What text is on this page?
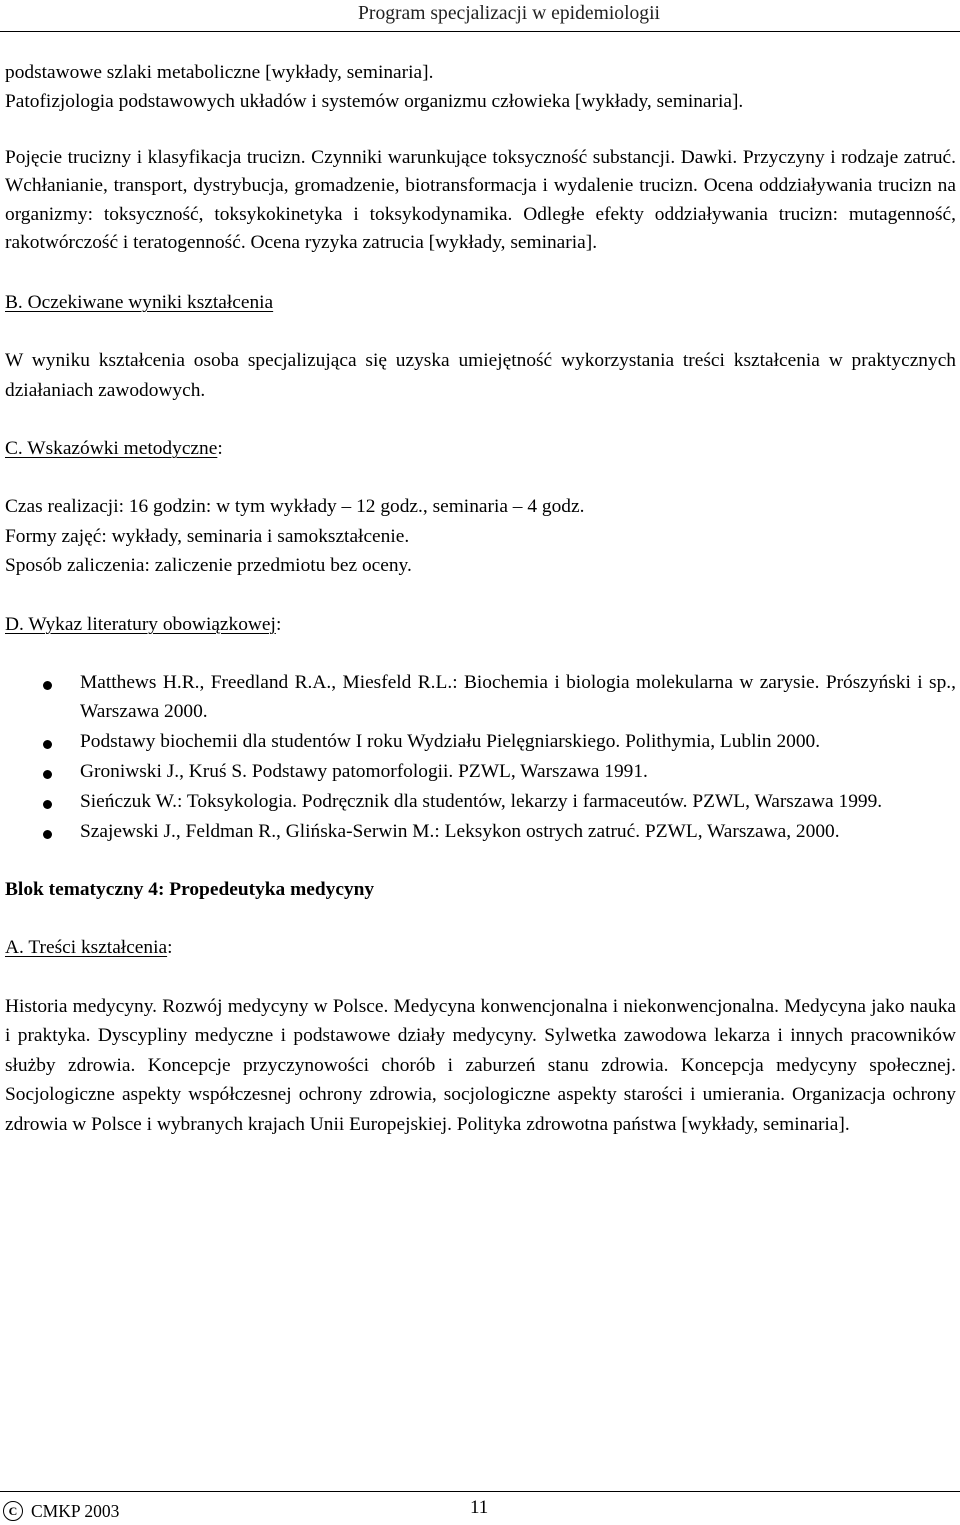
Program specjalizacji w epidemiologii

podstawowe szlaki metaboliczne [wykłady, seminaria].

Patofizjologia podstawowych układów i systemów organizmu człowieka [wykłady, seminaria].

Pojęcie trucizny i klasyfikacja trucizn. Czynniki warunkujące toksyczność substancji. Dawki. Przyczyny i rodzaje zatruć. Wchłanianie, transport, dystrybucja, gromadzenie, biotransformacja i wydalenie trucizn. Ocena oddziaływania trucizn na organizmy: toksyczność, toksykokinetyka i toksykodynamika. Odległe efekty oddziaływania trucizn: mutagenność, rakotwórczość i teratogenność. Ocena ryzyka zatrucia [wykłady, seminaria].

B. Oczekiwane wyniki kształcenia

W wyniku kształcenia osoba specjalizująca się uzyska umiejętność wykorzystania treści kształcenia w praktycznych działaniach zawodowych.

C. Wskazówki metodyczne:

Czas realizacji: 16 godzin: w tym wykłady – 12 godz., seminaria – 4 godz.

Formy zajęć: wykłady, seminaria i samokształcenie.

Sposób zaliczenia: zaliczenie przedmiotu bez oceny.

D. Wykaz literatury obowiązkowej:

Matthews H.R., Freedland R.A., Miesfeld R.L.: Biochemia i biologia molekularna w zarysie. Prószyński i sp., Warszawa 2000.
Podstawy biochemii dla studentów I roku Wydziału Pielęgniarskiego. Polithymia, Lublin 2000.
Groniwski J., Kruś S. Podstawy patomorfologii. PZWL, Warszawa 1991.
Sieńczuk W.: Toksykologia. Podręcznik dla studentów, lekarzy i farmaceutów. PZWL, Warszawa 1999.
Szajewski J., Feldman R., Glińska-Serwin M.: Leksykon ostrych zatruć. PZWL, Warszawa, 2000.

Blok tematyczny 4: Propedeutyka medycyny

A. Treści kształcenia:

Historia medycyny. Rozwój medycyny w Polsce. Medycyna konwencjonalna i niekonwencjonalna. Medycyna jako nauka i praktyka. Dyscypliny medyczne i podstawowe działy medycyny. Sylwetka zawodowa lekarza i innych pracowników służby zdrowia. Koncepcje przyczynowości chorób i zaburzeń stanu zdrowia. Koncepcja medycyny społecznej. Socjologiczne aspekty współczesnej ochrony zdrowia, socjologiczne aspekty starości i umierania. Organizacja ochrony zdrowia w Polsce i wybranych krajach Unii Europejskiej. Polityka zdrowotna państwa [wykłady, seminaria].

C CMKP 2003	11
